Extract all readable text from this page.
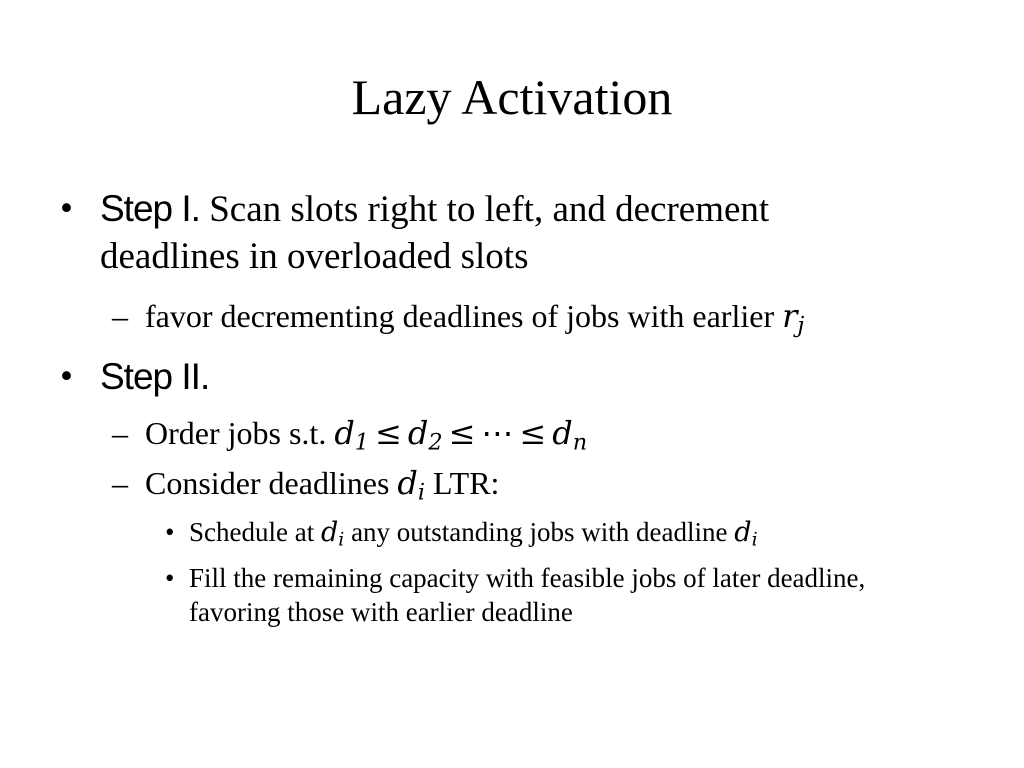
Lazy Activation
• Step I. Scan slots right to left, and decrement
deadlines in overloaded slots
– favor decrementing deadlines of jobs with earlier $r_j$
• Step II.
– Order jobs s.t. $d_1 \le d_2$ ≤ ⋯ ≤ $d_n$
– Consider deadlines $d_i$ LTR:
• Schedule at $d_i$ any outstanding jobs with deadline $d_i$
• Fill the remaining capacity with feasible jobs of later deadline,
favoring those with earlier deadline
